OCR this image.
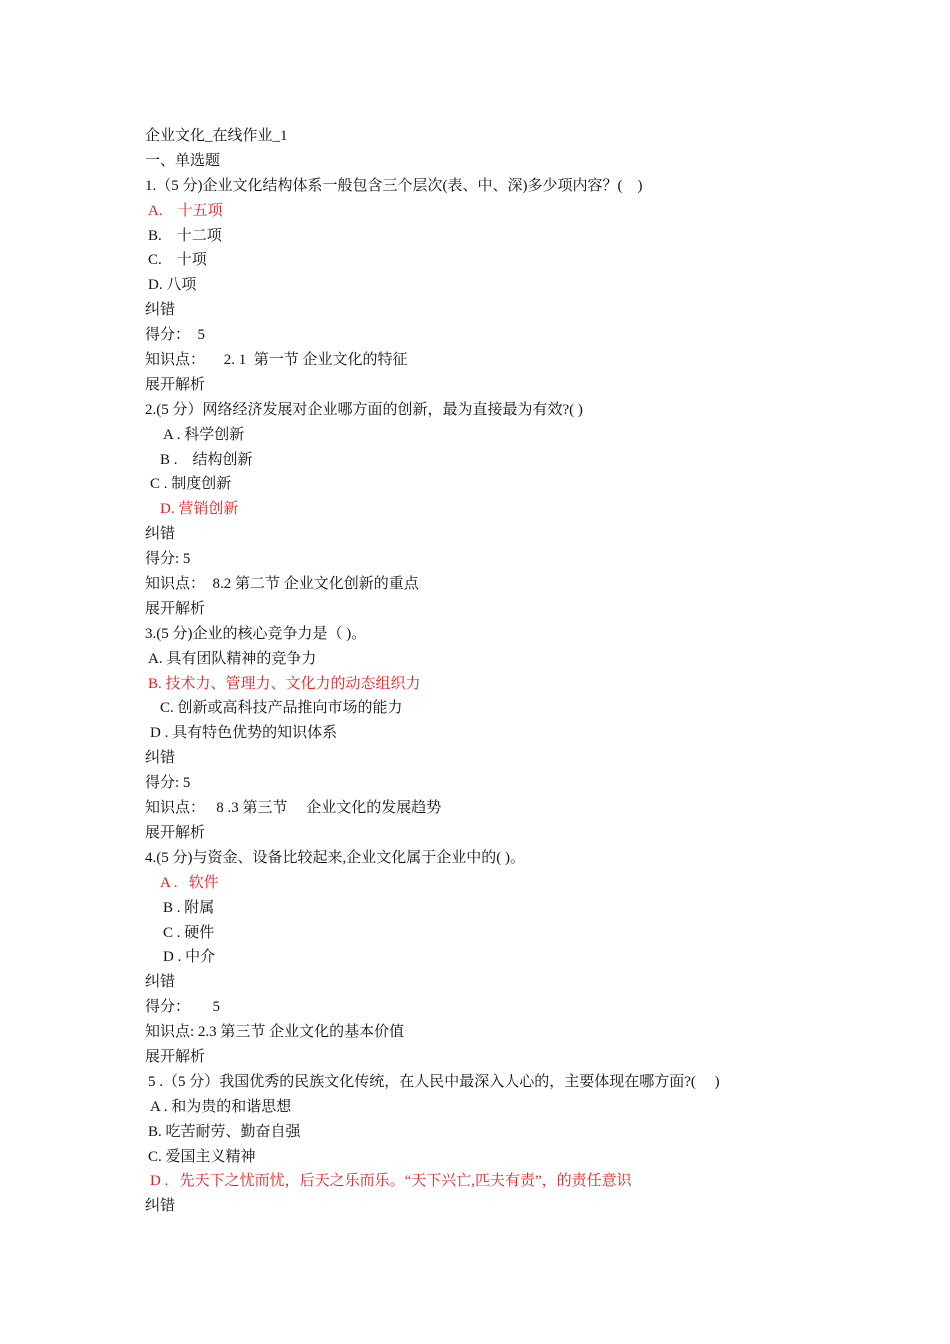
企业文化_在线作业_1
一、单选题
1.（5 分)企业文化结构体系一般包含三个层次(表、中、深)多少项内容？(    )
A.    十五项
B.    十二项
C.    十项
D. 八项
纠错
得分：  5
知识点：     2. 1  第一节 企业文化的特征
展开解析
2.(5 分）网络经济发展对企业哪方面的创新，最为直接最为有效?( )
A . 科学创新
B .    结构创新
C . 制度创新
D. 营销创新
纠错
得分: 5
知识点：  8.2 第二节 企业文化创新的重点
展开解析
3.(5 分)企业的核心竞争力是（ )。
A. 具有团队精神的竞争力
B. 技术力、管理力、文化力的动态组织力
C. 创新或高科技产品推向市场的能力
D . 具有特色优势的知识体系
纠错
得分: 5
知识点：   8 .3 第三节     企业文化的发展趋势
展开解析
4.(5 分)与资金、设备比较起来,企业文化属于企业中的( )。
A .   软件
B . 附属
C . 硬件
D . 中介
纠错
得分：      5
知识点: 2.3 第三节 企业文化的基本价值
展开解析
5 .（5 分）我国优秀的民族文化传统，在人民中最深入人心的，主要体现在哪方面?(     )
A . 和为贵的和谐思想
B. 吃苦耐劳、勤奋自强
C. 爱国主义精神
D .   先天下之忧而忧，后天之乐而乐。“天下兴亡,匹夫有责”，的责任意识
纠错
